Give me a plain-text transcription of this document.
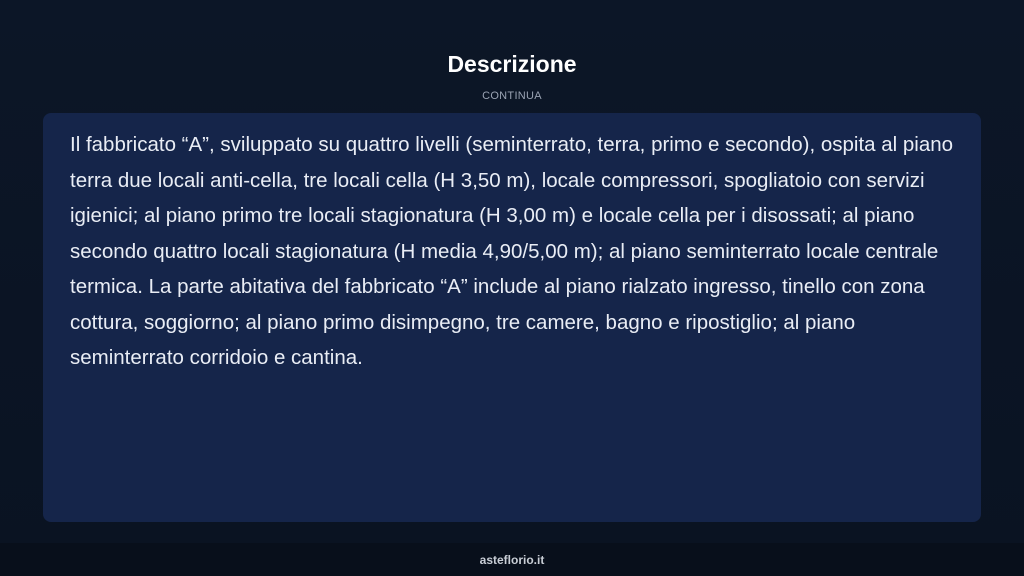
Descrizione
CONTINUA

Il fabbricato “A”, sviluppato su quattro livelli (seminterrato, terra, primo e secondo), ospita al piano terra due locali anti-cella, tre locali cella (H 3,50 m), locale compressori, spogliatoio con servizi igienici; al piano primo tre locali stagionatura (H 3,00 m) e locale cella per i disossati; al piano secondo quattro locali stagionatura (H media 4,90/5,00 m); al piano seminterrato locale centrale termica. La parte abitativa del fabbricato “A” include al piano rialzato ingresso, tinello con zona cottura, soggiorno; al piano primo disimpegno, tre camere, bagno e ripostiglio; al piano seminterrato corridoio e cantina.

asteflorio.it
